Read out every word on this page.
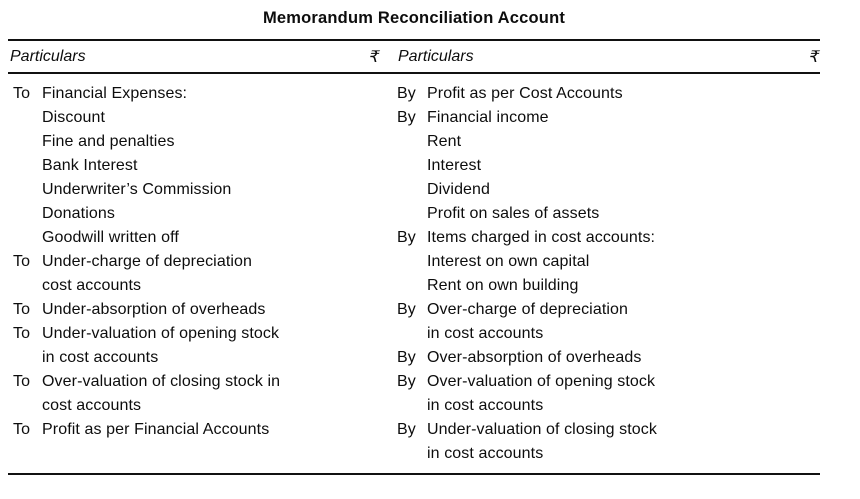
Memorandum Reconciliation Account
Particulars	₹ Particulars	₹
To Financial Expenses:
Discount
Fine and penalties
Bank Interest
Underwriter’s Commission
Donations
Goodwill written off
To Under-charge of depreciation
cost accounts
To Under-absorption of overheads
To Under-valuation of opening stock
in cost accounts
To Over-valuation of closing stock in
cost accounts
To Profit as per Financial Accounts
By Profit as per Cost Accounts
By Financial income
Rent
Interest
Dividend
Profit on sales of assets
By Items charged in cost accounts:
Interest on own capital
Rent on own building
By Over-charge of depreciation
in cost accounts
By Over-absorption of overheads
By Over-valuation of opening stock
in cost accounts
By Under-valuation of closing stock
in cost accounts
